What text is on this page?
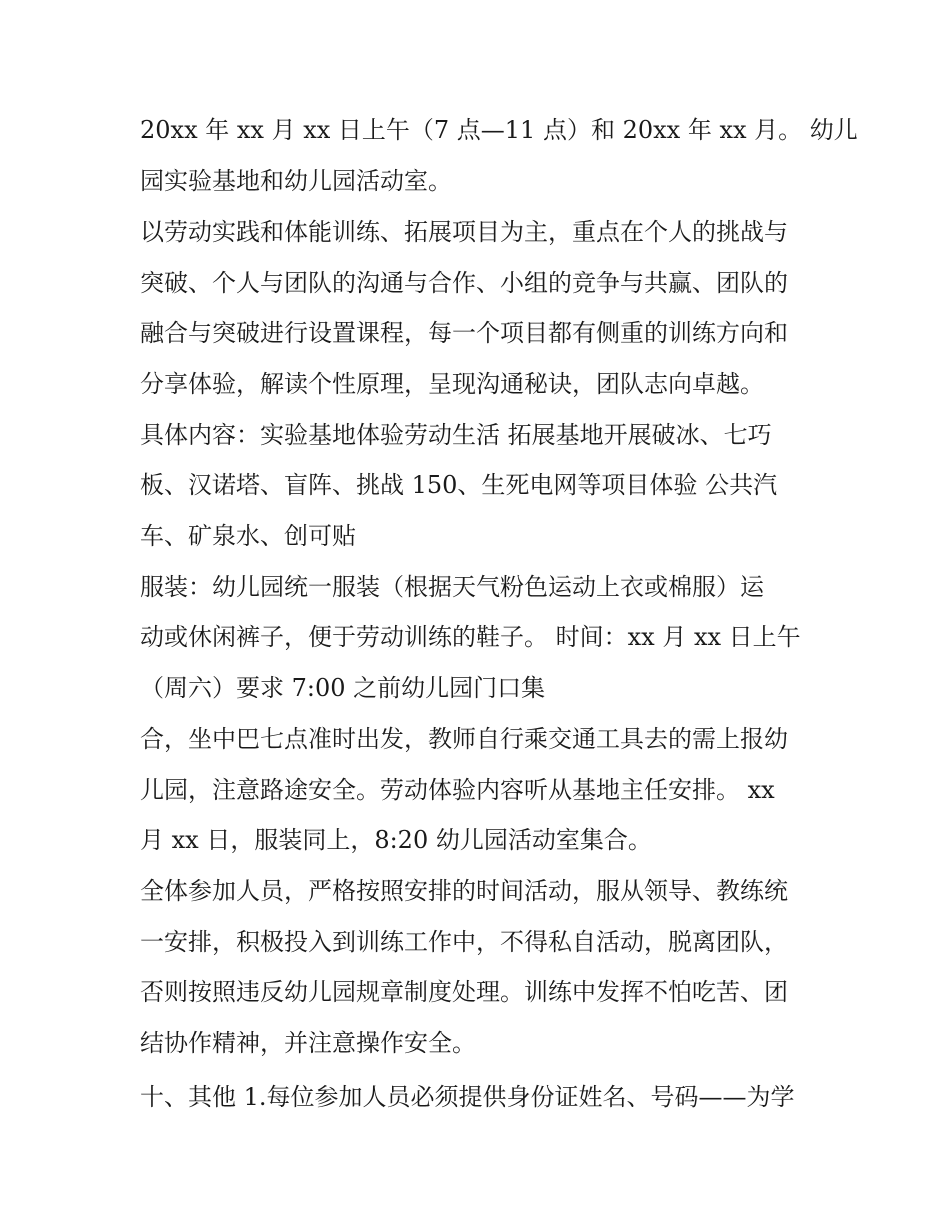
20xx 年 xx 月 xx 日上午（7 点—11 点）和 20xx 年 xx 月。 幼儿
园实验基地和幼儿园活动室。
以劳动实践和体能训练、拓展项目为主，重点在个人的挑战与
突破、个人与团队的沟通与合作、小组的竞争与共赢、团队的
融合与突破进行设置课程，每一个项目都有侧重的训练方向和
分享体验，解读个性原理，呈现沟通秘诀，团队志向卓越。
具体内容：实验基地体验劳动生活 拓展基地开展破冰、七巧
板、汉诺塔、盲阵、挑战 150、生死电网等项目体验 公共汽
车、矿泉水、创可贴
服装：幼儿园统一服装（根据天气粉色运动上衣或棉服）运
动或休闲裤子，便于劳动训练的鞋子。 时间：xx 月 xx 日上午
（周六）要求 7:00 之前幼儿园门口集
合，坐中巴七点准时出发，教师自行乘交通工具去的需上报幼
儿园，注意路途安全。劳动体验内容听从基地主任安排。 xx
月 xx 日，服装同上，8:20 幼儿园活动室集合。
全体参加人员，严格按照安排的时间活动，服从领导、教练统
一安排，积极投入到训练工作中，不得私自活动，脱离团队，
否则按照违反幼儿园规章制度处理。训练中发挥不怕吃苦、团
结协作精神，并注意操作安全。
十、其他 1.每位参加人员必须提供身份证姓名、号码——为学
